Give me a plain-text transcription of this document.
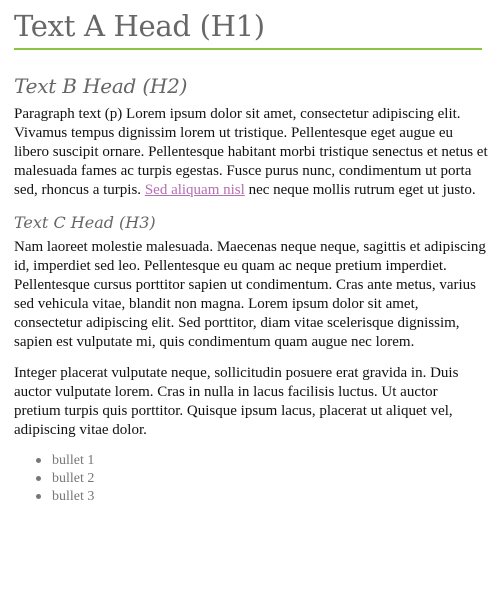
Text A Head (H1)
Text B Head (H2)

Paragraph text (p) Lorem ipsum dolor sit amet, consectetur adipiscing elit. Vivamus tempus dignissim lorem ut tristique. Pellentesque eget augue eu libero suscipit ornare. Pellentesque habitant morbi tristique senectus et netus et malesuada fames ac turpis egestas. Fusce purus nunc, condimentum ut porta sed, rhoncus a turpis. Sed aliquam nisl nec neque mollis rutrum eget ut justo.

Text C Head (H3)

Nam laoreet molestie malesuada. Maecenas neque neque, sagittis et adipiscing id, imperdiet sed leo. Pellentesque eu quam ac neque pretium imperdiet. Pellentesque cursus porttitor sapien ut condimentum. Cras ante metus, varius sed vehicula vitae, blandit non magna. Lorem ipsum dolor sit amet, consectetur adipiscing elit. Sed porttitor, diam vitae scelerisque dignissim, sapien est vulputate mi, quis condimentum quam augue nec lorem.

Integer placerat vulputate neque, sollicitudin posuere erat gravida in. Duis auctor vulputate lorem. Cras in nulla in lacus facilisis luctus. Ut auctor pretium turpis quis porttitor. Quisque ipsum lacus, placerat ut aliquet vel, adipiscing vitae dolor.

bullet 1
bullet 2
bullet 3
